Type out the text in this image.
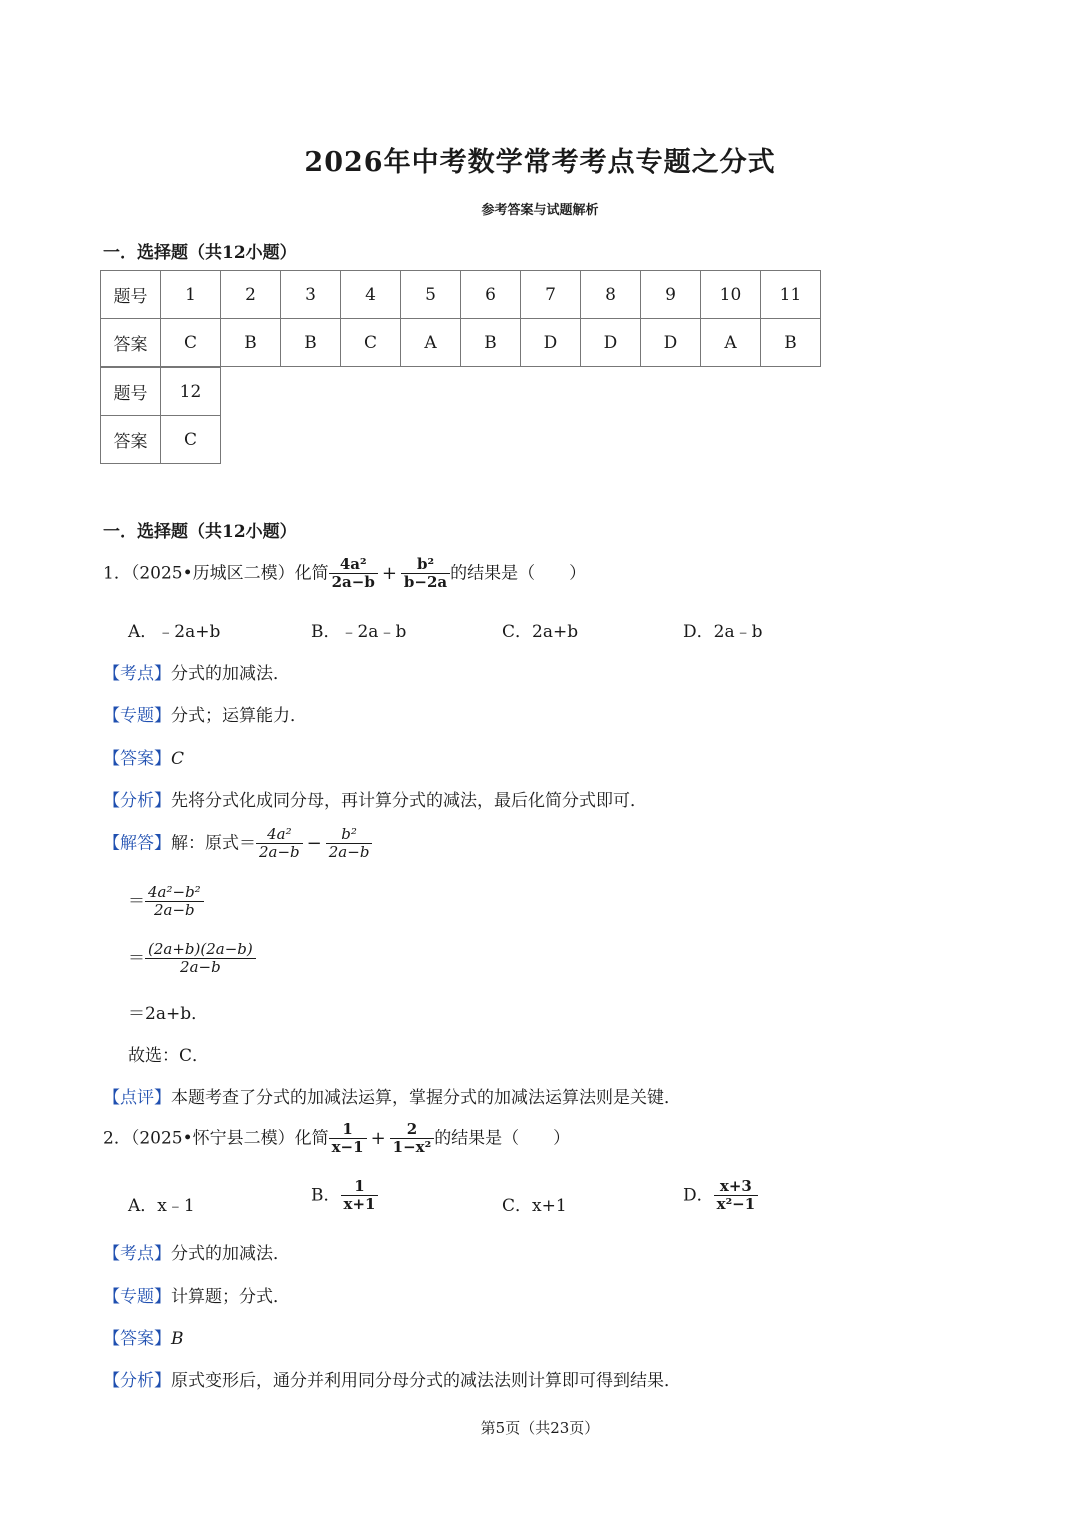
2026年中考数学常考考点专题之分式
参考答案与试题解析
一．选择题（共12小题）
题号	1	2	3	4	5	6	7	8	9	10	11
答案	C	B	B	C	A	B	D	D	D	A	B
题号	12
答案	C
一．选择题（共12小题）
1．（2025•历城区二模）化简 $\frac{\text{4a²}}{2a-b} + \frac{\text{b²}}{b-2a}$ 的结果是（　　）
A．﹣2a+b	B．﹣2a﹣b	C．2a+b	D．2a﹣b
【考点】分式的加减法．
【专题】分式；运算能力．
【答案】C
【分析】先将分式化成同分母，再计算分式的减法，最后化简分式即可．
【解答】解：原式＝ $\frac{\text{4a²}}{2a-b} - \frac{\text{b²}}{2a-b}$
＝ $\frac{\text{4a²−b²}}{2a-b}$
＝ $\frac{(2a+b)(2a-b)}{2a-b}$
＝2a+b．
故选：C．
【点评】本题考查了分式的加减法运算，掌握分式的加减法运算法则是关键．
2．（2025•怀宁县二模）化简 $\frac{1}{x-1} + \frac{2}{\text{1−x²}}$ 的结果是（　　）
A．x﹣1
B． $\frac{1}{x+1}$	C．x+1
D． $\frac{x+3}{\text{x²−1}}$
【考点】分式的加减法．
【专题】计算题；分式．
【答案】B
【分析】原式变形后，通分并利用同分母分式的减法法则计算即可得到结果．
第5页（共23页）
